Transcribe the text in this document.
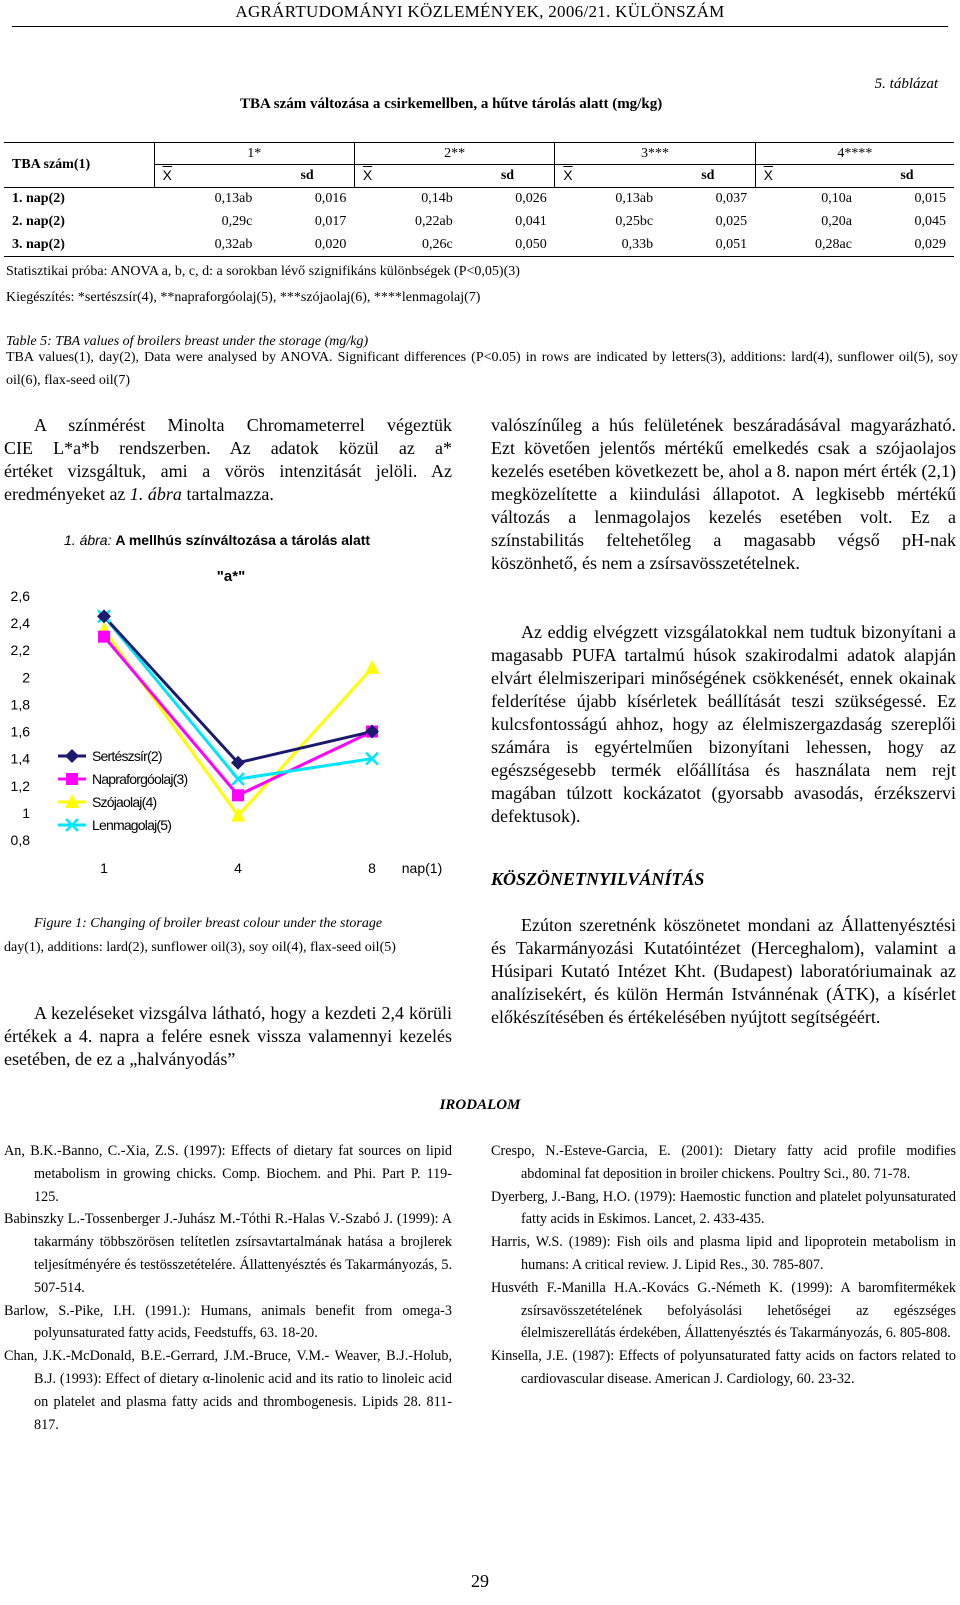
AGRÁRTUDOMÁNYI KÖZLEMÉNYEK, 2006/21. KÜLÖNSZÁM
5. táblázat
TBA szám változása a csirkemellben, a hűtve tárolás alatt (mg/kg)
TBA szám(1)	1*		2**		3***		4****	
	$\overline{X}$	sd	$\overline{X}$	sd	$\overline{X}$	sd	$\overline{X}$	sd
1. nap(2)	0,13ab	0,016	0,14b	0,026	0,13ab	0,037	0,10a	0,015
2. nap(2)	0,29c	0,017	0,22ab	0,041	0,25bc	0,025	0,20a	0,045
3. nap(2)	0,32ab	0,020	0,26c	0,050	0,33b	0,051	0,28ac	0,029
Statisztikai próba: ANOVA a, b, c, d: a sorokban lévő szignifikáns különbségek (P<0,05)(3)
Kiegészítés: *sertészsír(4), **napraforgóolaj(5), ***szójaolaj(6), ****lenmagolaj(7)
Table 5: TBA values of broilers breast under the storage (mg/kg)
TBA values(1), day(2), Data were analysed by ANOVA. Significant differences (P<0.05) in rows are indicated by letters(3), additions: lard(4), sunflower oil(5), soy oil(6), flax-seed oil(7)
A színmérést Minolta Chromameterrel végeztük
CIE L*a*b rendszerben. Az adatok közül az a*
értéket vizsgáltuk, ami a vörös intenzitását jelöli. Az
eredményeket az 1. ábra tartalmazza.
1. ábra: A mellhús színváltozása a tárolás alatt
"a*"
2,6
2,4
2,2
2
1,8
1,6
1,4
1,2
1
0,8
1	4	8 nap(1)
Sertészsír(2)
Napraforgóolaj(3)
Szójaolaj(4)
Lenmagolaj(5)
Figure 1: Changing of broiler breast colour under the storage
day(1), additions: lard(2), sunflower oil(3), soy oil(4), flax-seed oil(5)
A kezeléseket vizsgálva látható, hogy a kezdeti 2,4 körüli értékek a 4. napra a felére esnek vissza valamennyi kezelés esetében, de ez a „halványodás”
valószínűleg a hús felületének beszáradásával magyarázható. Ezt követően jelentős mértékű emelkedés csak a szójaolajos kezelés esetében következett be, ahol a 8. napon mért érték (2,1) megközelítette a kiindulási állapotot. A legkisebb mértékű változás a lenmagolajos kezelés esetében volt. Ez a színstabilitás feltehetőleg a magasabb végső pH-nak köszönhető, és nem a zsírsavösszetételnek.
Az eddig elvégzett vizsgálatokkal nem tudtuk bizonyítani a magasabb PUFA tartalmú húsok szakirodalmi adatok alapján elvárt élelmiszeripari minőségének csökkenését, ennek okainak felderítése újabb kísérletek beállítását teszi szükségessé. Ez kulcsfontosságú ahhoz, hogy az élelmiszergazdaság szereplői számára is egyértelműen bizonyítani lehessen, hogy az egészségesebb termék előállítása és használata nem rejt magában túlzott kockázatot (gyorsabb avasodás, érzékszervi defektusok).
KÖSZÖNETNYILVÁNÍTÁS
Ezúton szeretnénk köszönetet mondani az Állattenyésztési és Takarmányozási Kutatóintézet (Herceghalom), valamint a Húsipari Kutató Intézet Kht. (Budapest) laboratóriumainak az analízisekért, és külön Hermán Istvánnénak (ÁTK), a kísérlet előkészítésében és értékelésében nyújtott segítségéért.
IRODALOM
An, B.K.-Banno, C.-Xia, Z.S. (1997): Effects of dietary fat sources on lipid metabolism in growing chicks. Comp. Biochem. and Phi. Part P. 119-125.
Babinszky L.-Tossenberger J.-Juhász M.-Tóthi R.-Halas V.-Szabó J. (1999): A takarmány többszörösen telítetlen zsírsavtartalmának hatása a brojlerek teljesítményére és testösszetételére. Állattenyésztés és Takarmányozás, 5. 507-514.
Barlow, S.-Pike, I.H. (1991.): Humans, animals benefit from omega-3 polyunsaturated fatty acids, Feedstuffs, 63. 18-20.
Chan, J.K.-McDonald, B.E.-Gerrard, J.M.-Bruce, V.M.- Weaver, B.J.-Holub, B.J. (1993): Effect of dietary α-linolenic acid and its ratio to linoleic acid on platelet and plasma fatty acids and thrombogenesis. Lipids 28. 811-817.
Crespo, N.-Esteve-Garcia, E. (2001): Dietary fatty acid profile modifies abdominal fat deposition in broiler chickens. Poultry Sci., 80. 71-78.
Dyerberg, J.-Bang, H.O. (1979): Haemostic function and platelet polyunsaturated fatty acids in Eskimos. Lancet, 2. 433-435.
Harris, W.S. (1989): Fish oils and plasma lipid and lipoprotein metabolism in humans: A critical review. J. Lipid Res., 30. 785-807.
Husvéth F.-Manilla H.A.-Kovács G.-Németh K. (1999): A baromfitermékek zsírsavösszetételének befolyásolási lehetőségei az egészséges élelmiszerellátás érdekében, Állattenyésztés és Takarmányozás, 6. 805-808.
Kinsella, J.E. (1987): Effects of polyunsaturated fatty acids on factors related to cardiovascular disease. American J. Cardiology, 60. 23-32.
29
